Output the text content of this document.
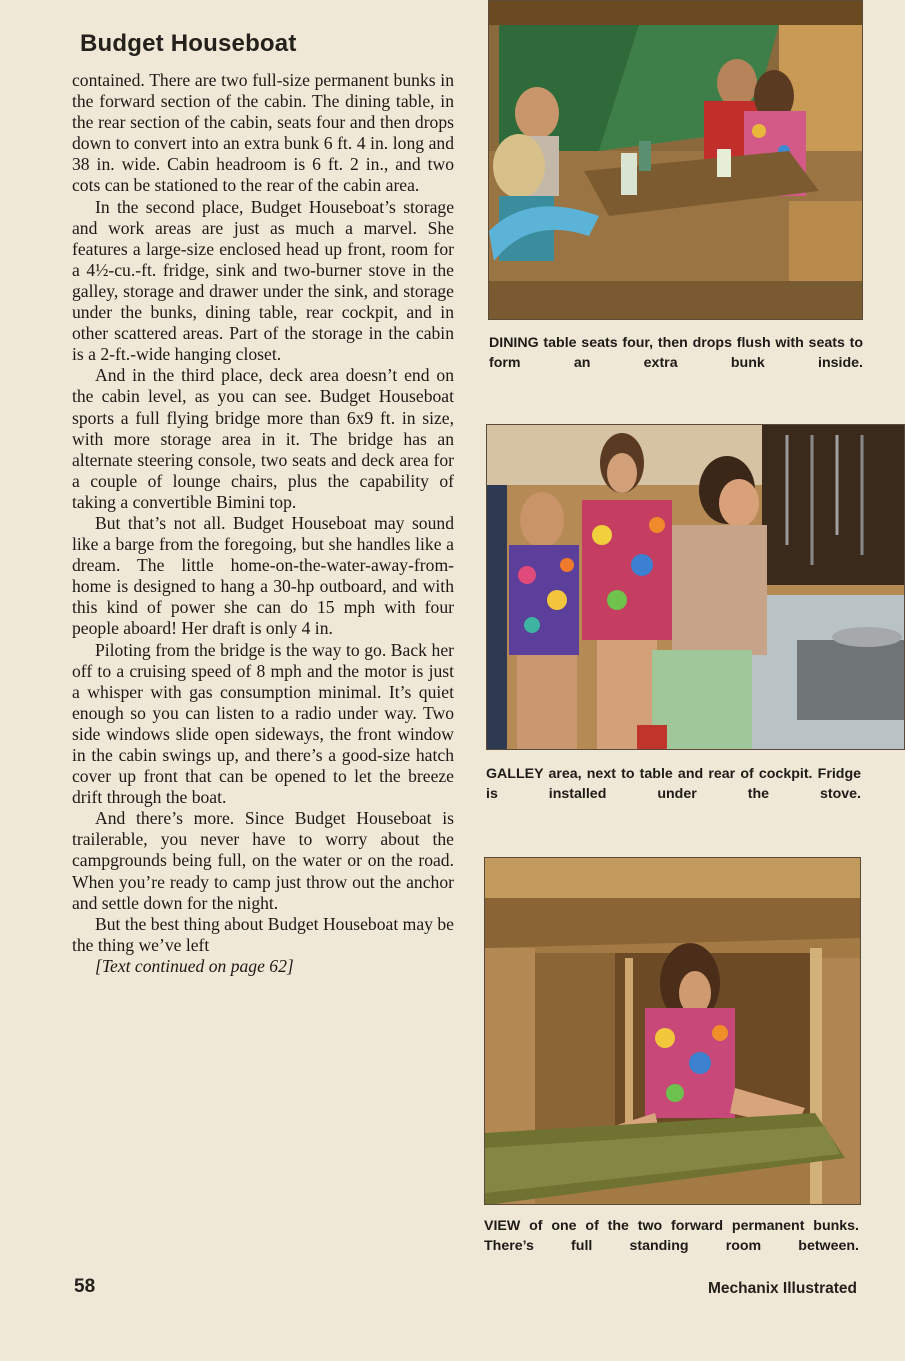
Budget Houseboat

contained. There are two full-size permanent bunks in the forward section of the cabin. The dining table, in the rear section of the cabin, seats four and then drops down to convert into an extra bunk 6 ft. 4 in. long and 38 in. wide. Cabin headroom is 6 ft. 2 in., and two cots can be stationed to the rear of the cabin area.

In the second place, Budget Houseboat’s storage and work areas are just as much a marvel. She features a large-size enclosed head up front, room for a 4½-cu.-ft. fridge, sink and two-burner stove in the galley, storage and drawer under the sink, and storage under the bunks, dining table, rear cockpit, and in other scattered areas. Part of the storage in the cabin is a 2-ft.-wide hanging closet.

And in the third place, deck area doesn’t end on the cabin level, as you can see. Budget Houseboat sports a full flying bridge more than 6x9 ft. in size, with more storage area in it. The bridge has an alternate steering console, two seats and deck area for a couple of lounge chairs, plus the capability of taking a convertible Bimini top.

But that’s not all. Budget Houseboat may sound like a barge from the foregoing, but she handles like a dream. The little home-on-the-water-away-from-home is designed to hang a 30-hp outboard, and with this kind of power she can do 15 mph with four people aboard! Her draft is only 4 in.

Piloting from the bridge is the way to go. Back her off to a cruising speed of 8 mph and the motor is just a whisper with gas consumption minimal. It’s quiet enough so you can listen to a radio under way. Two side windows slide open sideways, the front window in the cabin swings up, and there’s a good-size hatch cover up front that can be opened to let the breeze drift through the boat.

And there’s more. Since Budget Houseboat is trailerable, you never have to worry about the campgrounds being full, on the water or on the road. When you’re ready to camp just throw out the anchor and settle down for the night.

But the best thing about Budget Houseboat may be the thing we’ve left

[Text continued on page 62]

DINING table seats four, then drops flush with seats to form an extra bunk inside.
GALLEY area, next to table and rear of cockpit. Fridge is installed under the stove.
VIEW of one of the two forward permanent bunks. There’s full standing room between.
58	Mechanix Illustrated
